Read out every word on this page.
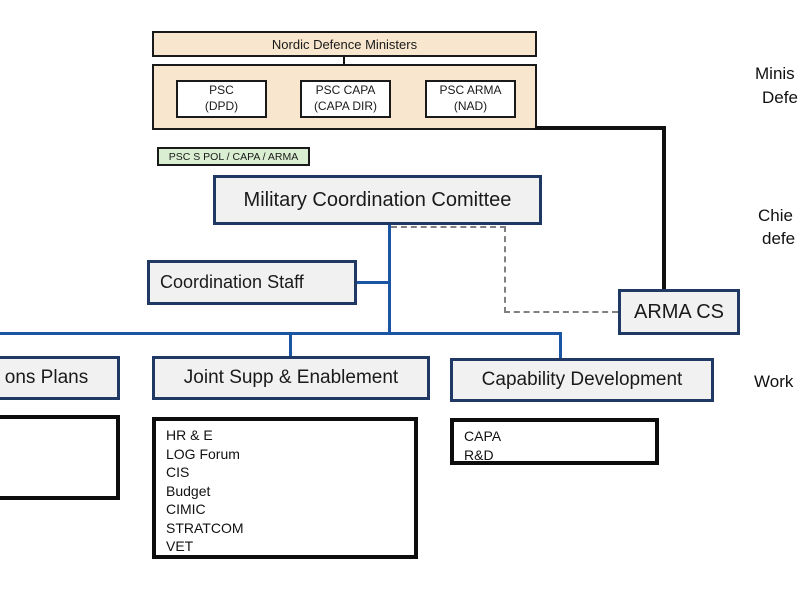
Nordic Defence Ministers
PSC
(DPD)
PSC CAPA
(CAPA DIR)
PSC ARMA
(NAD)
PSC S POL / CAPA / ARMA
Military Coordination Comittee
Coordination Staff
ARMA CS
ons Plans	Joint Supp & Enablement
HR & E
LOG Forum
CIS
Budget
CIMIC
STRATCOM
VET
Capability Development
CAPA
R&D
Minis
Defe
Chie
defe
Work
